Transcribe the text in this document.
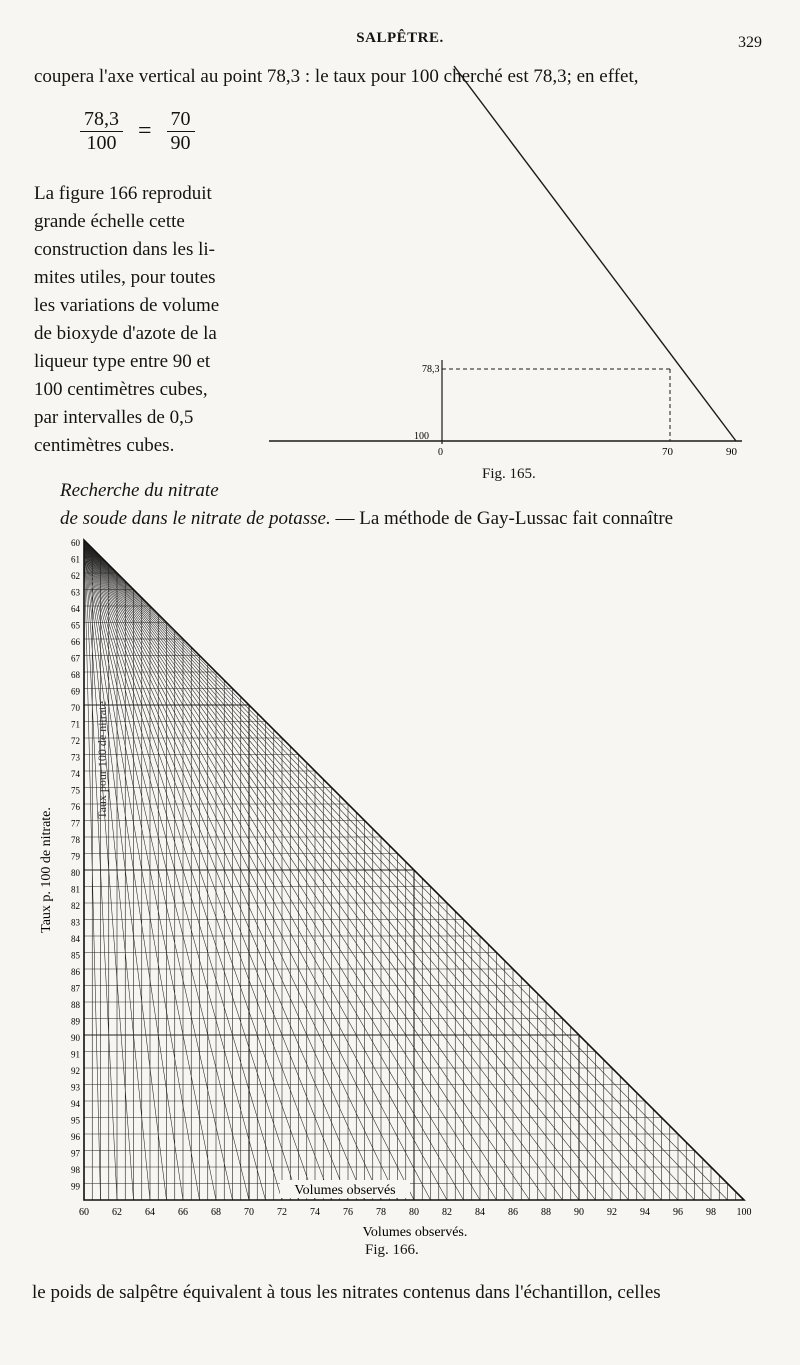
SALPÊTRE.	329
coupera l'axe vertical au point 78,3 : le taux pour 100 cherché est 78,3; en effet,
$\frac{78,3}{100} = \frac{70}{90}$
La figure 166 reproduit
grande échelle cette
construction dans les li-
mites utiles, pour toutes
les variations de volume
de bioxyde d'azote de la
liqueur type entre 90 et
100 centimètres cubes,
par intervalles de 0,5
centimètres cubes.
78,3
100
0	70	90
Fig. 165.
Recherche du nitrate
de soude dans le nitrate de potasse. — La méthode de Gay-Lussac fait connaître
60
61
62
63
64
65
66
67
68
69
70
71
72
73
74
75
76
77
78
79
80
81
82
83
84
85
86
87
88
89
90
91
92
93
94
95
96
97
98
99
60 62 64 66 68 70 72 74 76 78 80 82 84 86 88 90 92 94 96 98 100
Taux p. 100 de nitrate.
Volumes observés.
Volumes observés
Taux pour 100 de nitrate
Fig. 166.
le poids de salpêtre équivalent à tous les nitrates contenus dans l'échantillon, celles
